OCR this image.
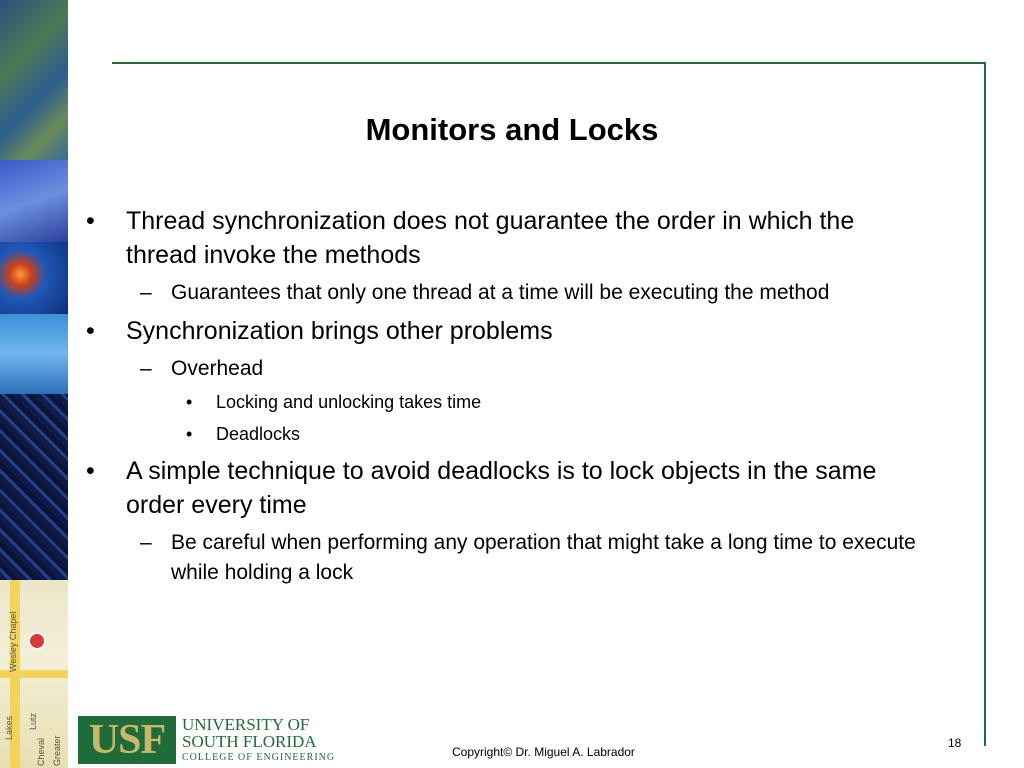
Wesley Chapel
Lakes Lutz
Cheval Greater
Monitors and Locks
• Thread synchronization does not guarantee the order in which the thread invoke the methods
– Guarantees that only one thread at a time will be executing the method
• Synchronization brings other problems
– Overhead
• Locking and unlocking takes time
• Deadlocks
• A simple technique to avoid deadlocks is to lock objects in the same order every time
– Be careful when performing any operation that might take a long time to execute while holding a lock
USF UNIVERSITY OF
SOUTH FLORIDA
COLLEGE OF ENGINEERING	Copyright© Dr. Miguel A. Labrador
18
